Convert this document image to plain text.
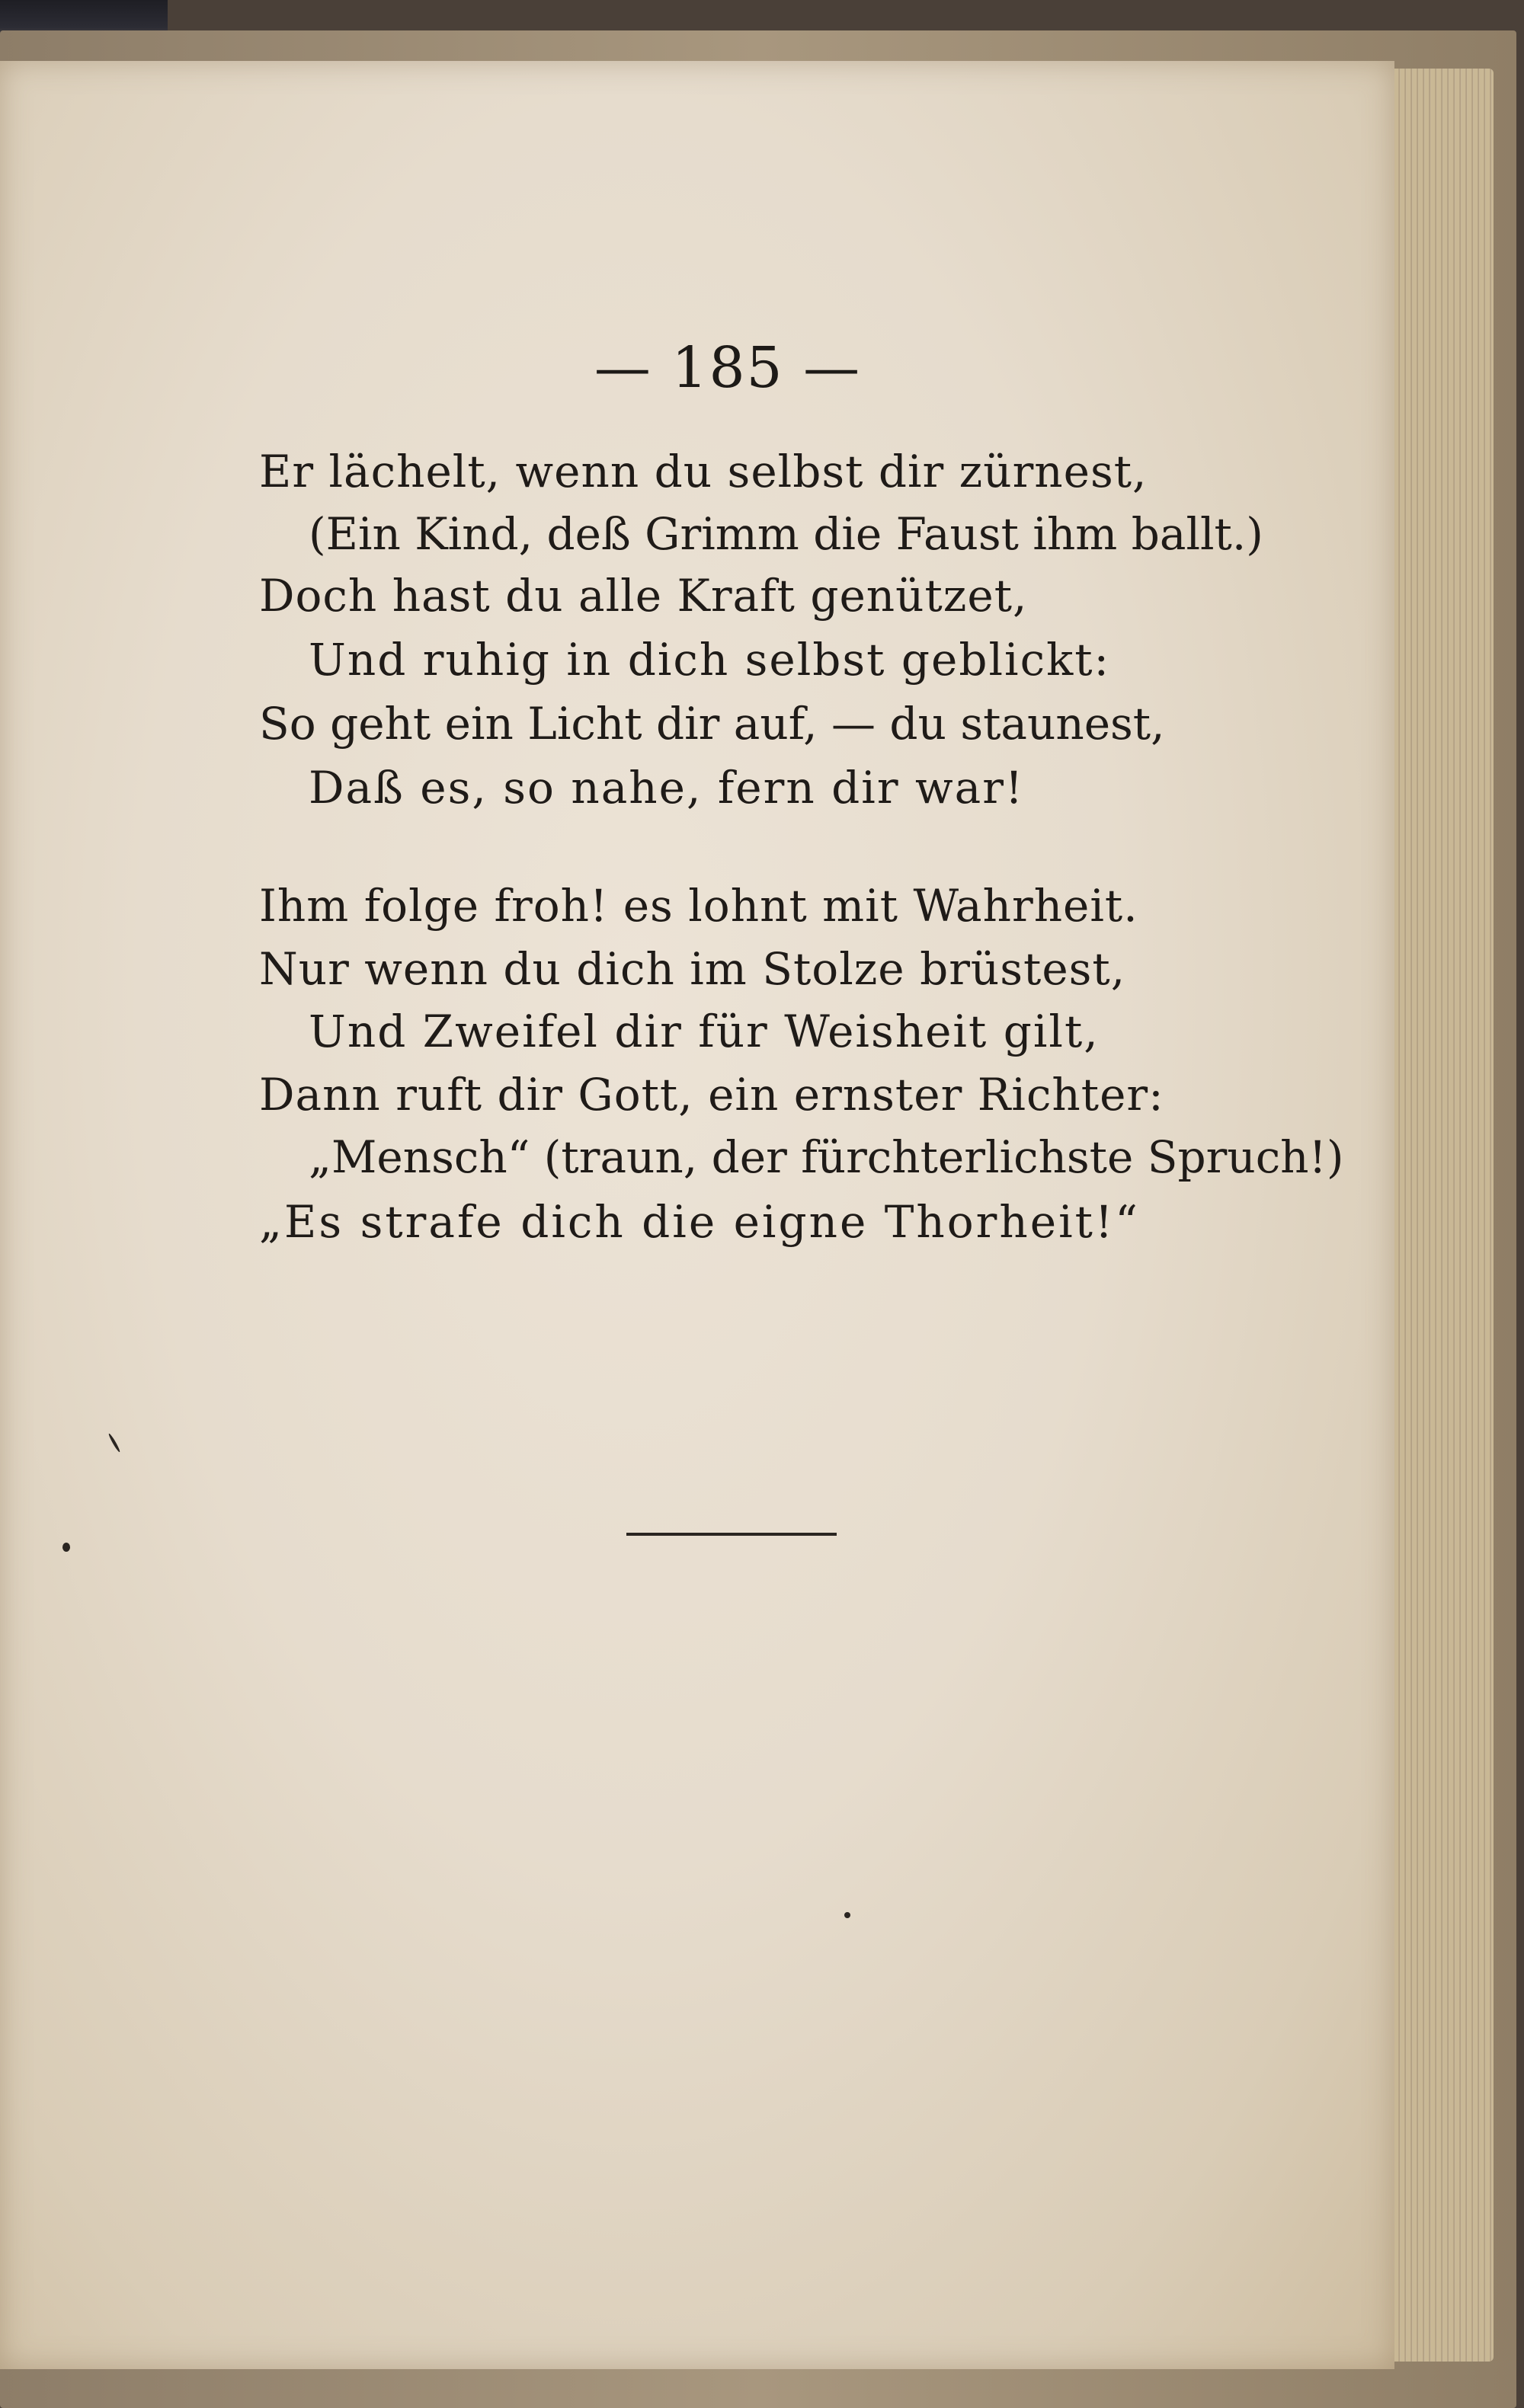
— 185 —
Er lächelt, wenn du selbst dir zürnest,
(Ein Kind, deß Grimm die Faust ihm ballt.)
Doch hast du alle Kraft genützet,
Und ruhig in dich selbst geblickt:
So geht ein Licht dir auf, — du staunest,
Daß es, so nahe, fern dir war!
Ihm folge froh! es lohnt mit Wahrheit.
Nur wenn du dich im Stolze brüstest,
Und Zweifel dir für Weisheit gilt,
Dann ruft dir Gott, ein ernster Richter:
„Mensch“ (traun, der fürchterlichste Spruch!)
„Es strafe dich die eigne Thorheit!“
